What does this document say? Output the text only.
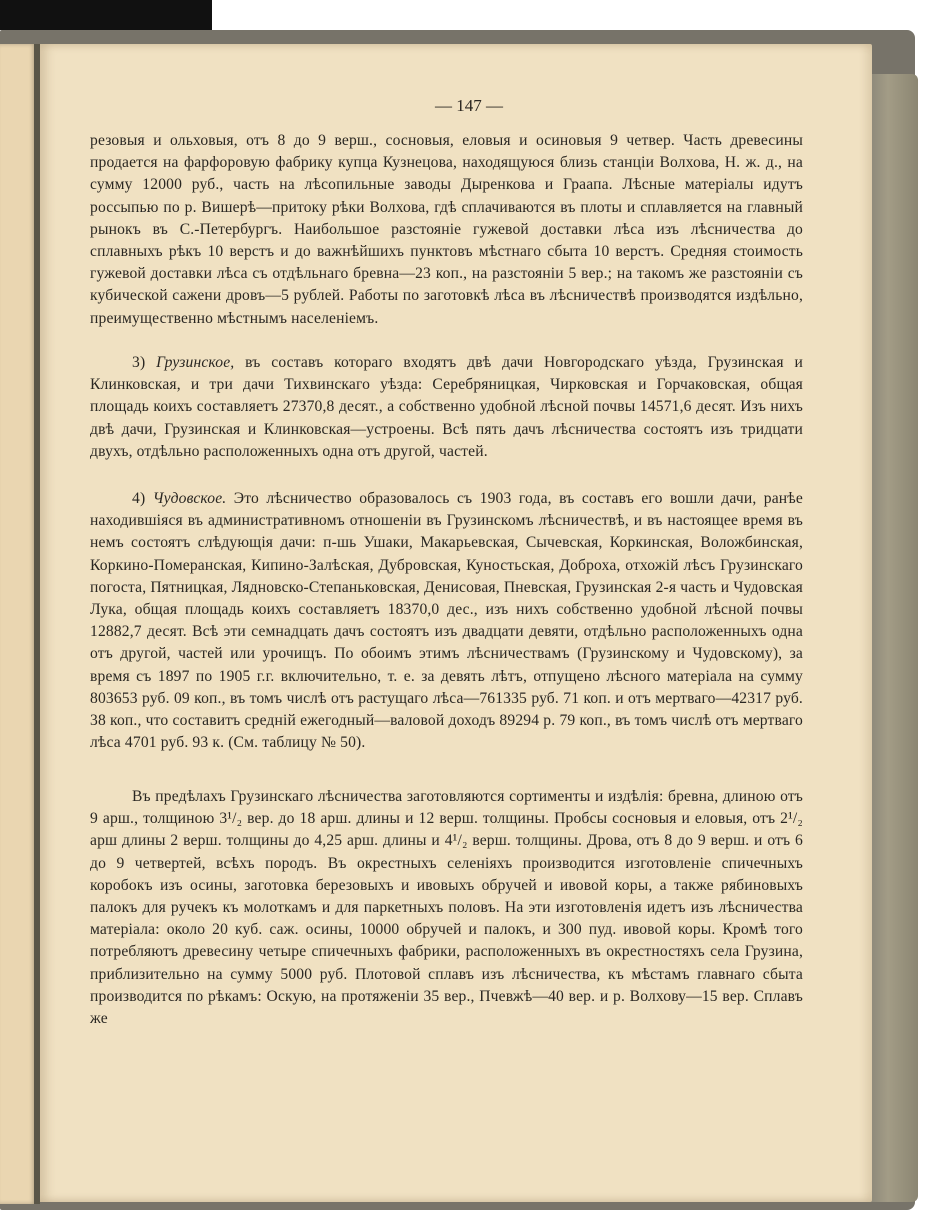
— 147 —

резовыя и ольховыя, отъ 8 до 9 верш., сосновыя, еловыя и осиновыя 9 четвер. Часть древесины продается на фарфоровую фабрику купца Кузнецова, находящуюся близь станціи Волхова, Н. ж. д., на сумму 12000 руб., часть на лѣсопильные заводы Дыренкова и Граапа. Лѣсные матеріалы идутъ россыпью по р. Вишерѣ—притоку рѣки Волхова, гдѣ сплачиваются въ плоты и сплавляется на главный рынокъ въ С.-Петербургъ. Наибольшое разстояніе гужевой доставки лѣса изъ лѣсничества до сплавныхъ рѣкъ 10 верстъ и до важнѣйшихъ пунктовъ мѣстнаго сбыта 10 верстъ. Средняя стоимость гужевой доставки лѣса съ отдѣльнаго бревна—23 коп., на разстояніи 5 вер.; на такомъ же разстояніи съ кубической сажени дровъ—5 рублей. Работы по заготовкѣ лѣса въ лѣсничествѣ производятся издѣльно, преимущественно мѣстнымъ населеніемъ.

3) Грузинское, въ составъ котораго входятъ двѣ дачи Новгородскаго уѣзда, Грузинская и Клинковская, и три дачи Тихвинскаго уѣзда: Серебряницкая, Чирковская и Горчаковская, общая площадь коихъ составляетъ 27370,8 десят., а собственно удобной лѣсной почвы 14571,6 десят. Изъ нихъ двѣ дачи, Грузинская и Клинковская—устроены. Всѣ пять дачъ лѣсничества состоятъ изъ тридцати двухъ, отдѣльно расположенныхъ одна отъ другой, частей.

4) Чудовское. Это лѣсничество образовалось съ 1903 года, въ составъ его вошли дачи, ранѣе находившіяся въ административномъ отношеніи въ Грузинскомъ лѣсничествѣ, и въ настоящее время въ немъ состоятъ слѣдующія дачи: п-шь Ушаки, Макарьевская, Сычевская, Коркинская, Воложбинская, Коркино-Померанская, Кипино-Залѣская, Дубровская, Куностьская, Доброха, отхожій лѣсъ Грузинскаго погоста, Пятницкая, Лядновско-Степаньковская, Денисовая, Пневская, Грузинская 2-я часть и Чудовская Лука, общая площадь коихъ составляетъ 18370,0 дес., изъ нихъ собственно удобной лѣсной почвы 12882,7 десят. Всѣ эти семнадцать дачъ состоятъ изъ двадцати девяти, отдѣльно расположенныхъ одна отъ другой, частей или урочищъ. По обоимъ этимъ лѣсничествамъ (Грузинскому и Чудовскому), за время съ 1897 по 1905 г.г. включительно, т. е. за девять лѣтъ, отпущено лѣсного матеріала на сумму 803653 руб. 09 коп., въ томъ числѣ отъ растущаго лѣса—761335 руб. 71 коп. и отъ мертваго—42317 руб. 38 коп., что составитъ средній ежегодный—валовой доходъ 89294 р. 79 коп., въ томъ числѣ отъ мертваго лѣса 4701 руб. 93 к. (См. таблицу № 50).

Въ предѣлахъ Грузинскаго лѣсничества заготовляются сортименты и издѣлія: бревна, длиною отъ 9 арш., толщиною 3¹/₂ вер. до 18 арш. длины и 12 верш. толщины. Пробсы сосновыя и еловыя, отъ 2¹/₂ арш длины 2 верш. толщины до 4,25 арш. длины и 4¹/₂ верш. толщины. Дрова, отъ 8 до 9 верш. и отъ 6 до 9 четвертей, всѣхъ породъ. Въ окрестныхъ селеніяхъ производится изготовленіе спичечныхъ коробокъ изъ осины, заготовка березовыхъ и ивовыхъ обручей и ивовой коры, а также рябиновыхъ палокъ для ручекъ къ молоткамъ и для паркетныхъ половъ. На эти изготовленія идетъ изъ лѣсничества матеріала: около 20 куб. саж. осины, 10000 обручей и палокъ, и 300 пуд. ивовой коры. Кромѣ того потребляютъ древесину четыре спичечныхъ фабрики, расположенныхъ въ окрестностяхъ села Грузина, приблизительно на сумму 5000 руб. Плотовой сплавъ изъ лѣсничества, къ мѣстамъ главнаго сбыта производится по рѣкамъ: Оскую, на протяженіи 35 вер., Пчевжѣ—40 вер. и р. Волхову—15 вер. Сплавъ же
